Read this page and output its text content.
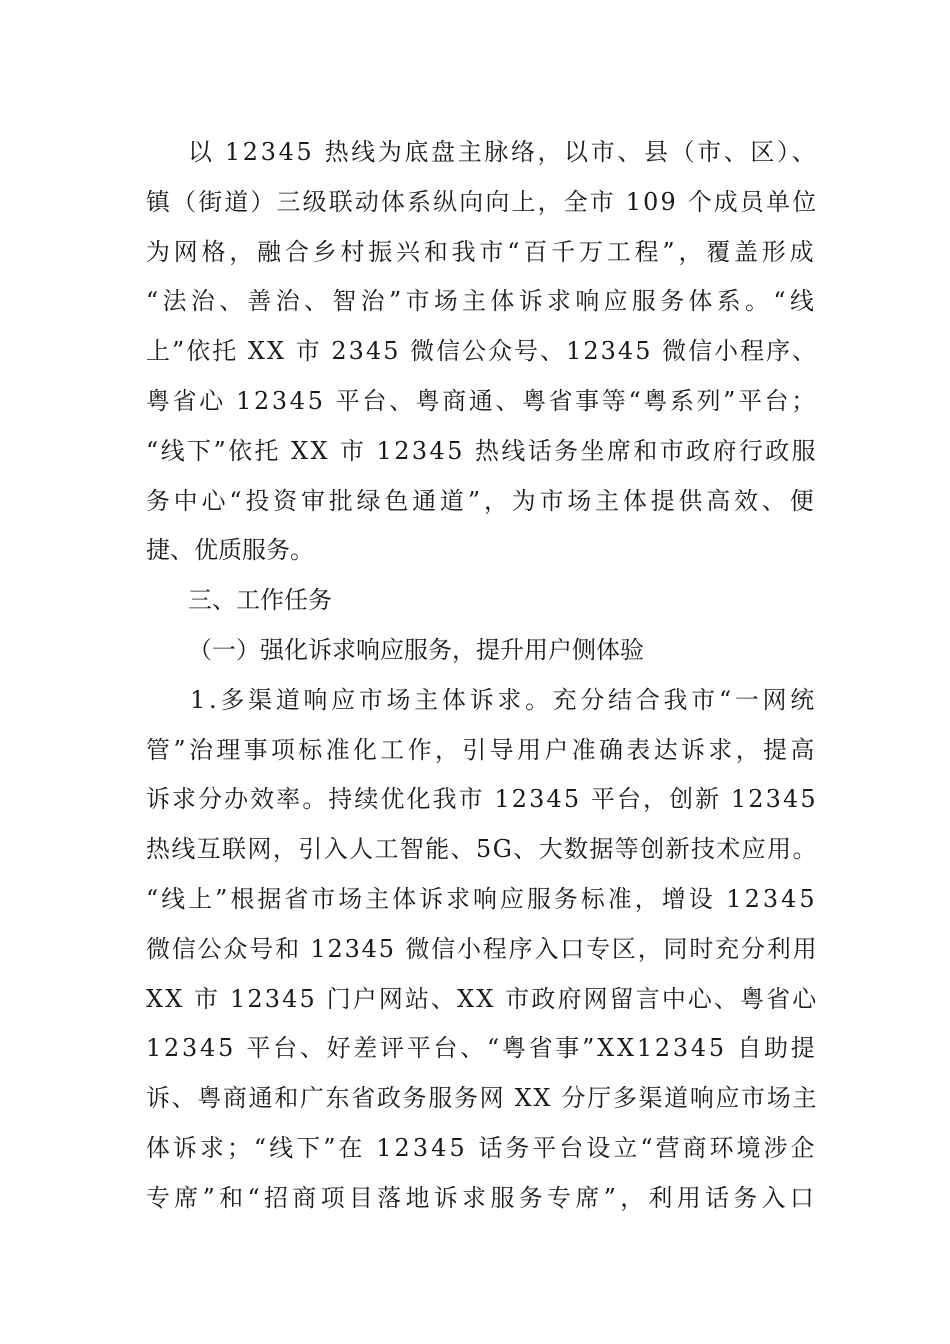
以 12345 热线为底盘主脉络，以市、县（市、区）、
镇（街道）三级联动体系纵向向上，全市 109 个成员单位
为网格，融合乡村振兴和我市“百千万工程”，覆盖形成
“法治、善治、智治”市场主体诉求响应服务体系。“线
上”依托 XX 市 2345 微信公众号、12345 微信小程序、
粤省心 12345 平台、粤商通、粤省事等“粤系列”平台；
“线下”依托 XX 市 12345 热线话务坐席和市政府行政服
务中心“投资审批绿色通道”，为市场主体提供高效、便
捷、优质服务。
三、工作任务
（一）强化诉求响应服务，提升用户侧体验
1.多渠道响应市场主体诉求。充分结合我市“一网统
管”治理事项标准化工作，引导用户准确表达诉求，提高
诉求分办效率。持续优化我市 12345 平台，创新 12345
热线互联网，引入人工智能、5G、大数据等创新技术应用。
“线上”根据省市场主体诉求响应服务标准，增设 12345
微信公众号和 12345 微信小程序入口专区，同时充分利用
XX 市 12345 门户网站、XX 市政府网留言中心、粤省心
12345 平台、好差评平台、“粤省事”XX12345 自助提
诉、粤商通和广东省政务服务网 XX 分厅多渠道响应市场主
体诉求；“线下”在 12345 话务平台设立“营商环境涉企
专席”和“招商项目落地诉求服务专席”，利用话务入口
